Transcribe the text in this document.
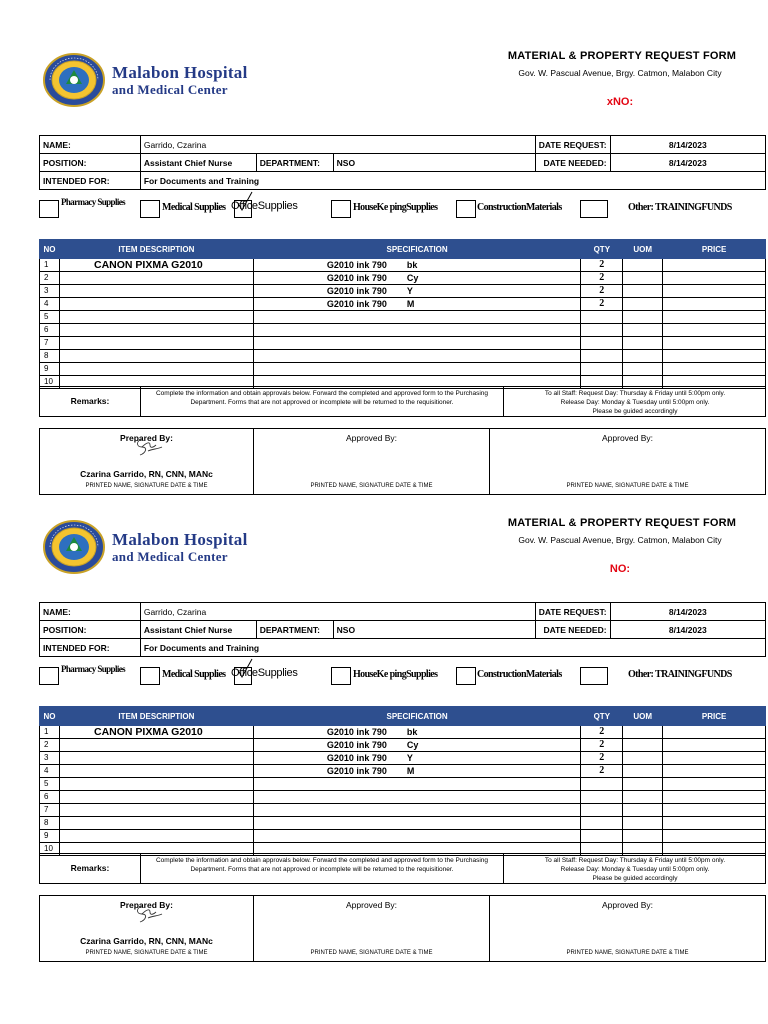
Malabon Hospital
and Medical Center
MATERIAL & PROPERTY REQUEST FORM
Gov. W. Pascual Avenue, Brgy. Catmon, Malabon City
xNO:
NAME:	Garrido, Czarina			DATE REQUEST:	8/14/2023
POSITION:	Assistant Chief Nurse	DEPARTMENT:	NSO	DATE NEEDED:	8/14/2023
INTENDED FOR:	For Documents and Training				
Pharmacy Supplies	Medical Supplies OfficeSupplies	HouseKe pingSupplies	ConstructionMaterials	Other: TRAININGFUNDS
NO	ITEM DESCRIPTION	SPECIFICATION	QTY	UOM	PRICE
1	CANON PIXMA G2010	G2010 ink 790 bk	2		
2		G2010 ink 790 Cy	2		
3		G2010 ink 790 Y	2		
4		G2010 ink 790 M	2		
5					
6					
7					
8					
9					
10					
Remarks:
Complete the information and obtain approvals below. Forward the completed and approved form to the Purchasing Department. Forms that are not approved or incomplete will be returned to the requisitioner.
To all Staff: Request Day: Thursday & Friday until 5:00pm only.
Release Day: Monday & Tuesday until 5:00pm only.
Please be guided accordingly
Prepared By:
Czarina Garrido, RN, CNN, MANc
PRINTED NAME, SIGNATURE DATE & TIME
Approved By:
PRINTED NAME, SIGNATURE DATE & TIME
Approved By:
PRINTED NAME, SIGNATURE DATE & TIME
Malabon Hospital
and Medical Center
MATERIAL & PROPERTY REQUEST FORM
Gov. W. Pascual Avenue, Brgy. Catmon, Malabon City
NO:
NAME:	Garrido, Czarina			DATE REQUEST:	8/14/2023
POSITION:	Assistant Chief Nurse	DEPARTMENT:	NSO	DATE NEEDED:	8/14/2023
INTENDED FOR:	For Documents and Training				
Pharmacy Supplies	Medical Supplies OfficeSupplies	HouseKe pingSupplies	ConstructionMaterials	Other: TRAININGFUNDS
NO	ITEM DESCRIPTION	SPECIFICATION	QTY	UOM	PRICE
1	CANON PIXMA G2010	G2010 ink 790 bk	2		
2		G2010 ink 790 Cy	2		
3		G2010 ink 790 Y	2		
4		G2010 ink 790 M	2		
5					
6					
7					
8					
9					
10					
Remarks:
Complete the information and obtain approvals below. Forward the completed and approved form to the Purchasing Department. Forms that are not approved or incomplete will be returned to the requisitioner.
To all Staff: Request Day: Thursday & Friday until 5:00pm only.
Release Day: Monday & Tuesday until 5:00pm only.
Please be guided accordingly
Prepared By:
Czarina Garrido, RN, CNN, MANc
PRINTED NAME, SIGNATURE DATE & TIME
Approved By:
PRINTED NAME, SIGNATURE DATE & TIME
Approved By:
PRINTED NAME, SIGNATURE DATE & TIME
